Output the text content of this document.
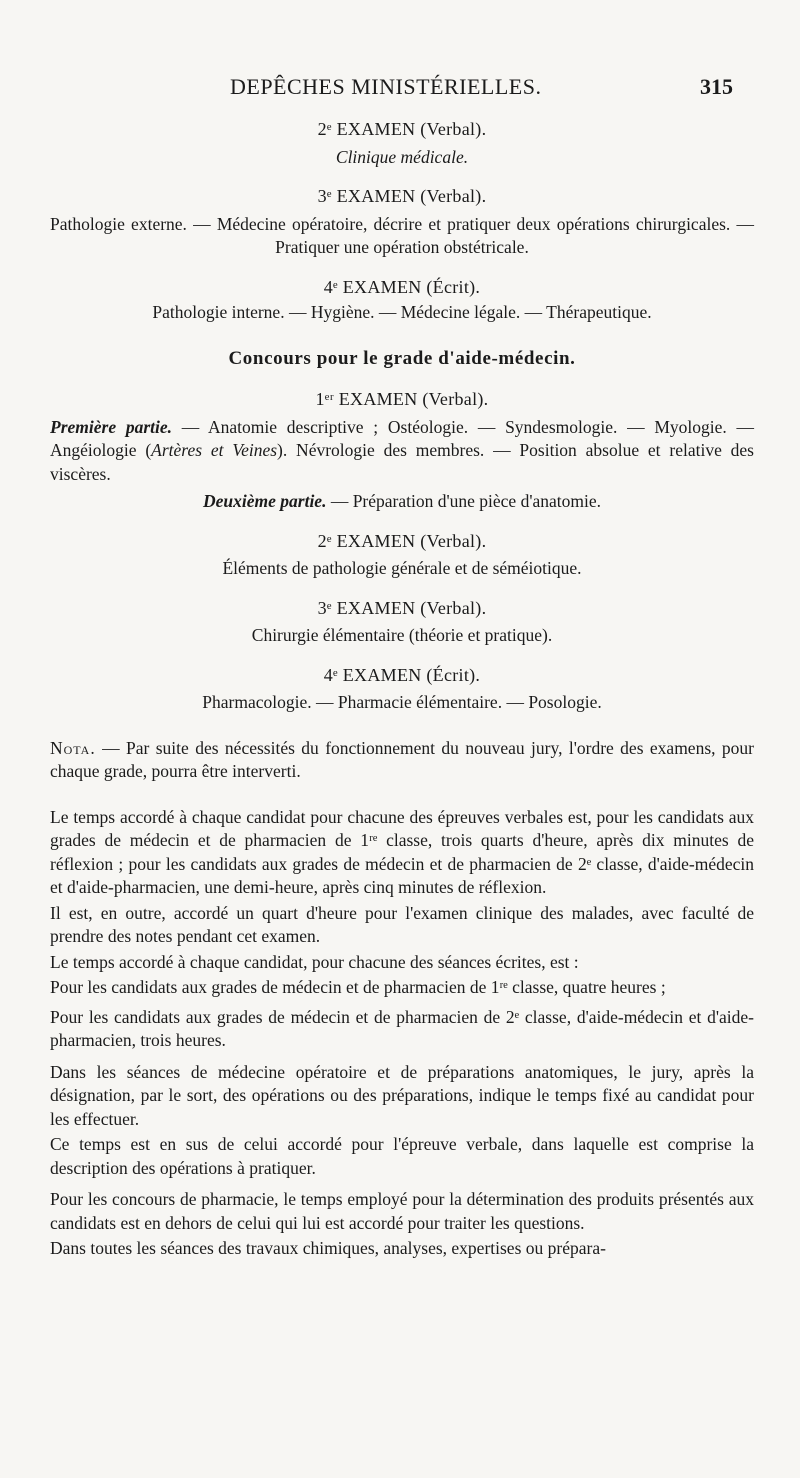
DEPÊCHES MINISTÉRIELLES.	315
2ᵉ EXAMEN (Verbal).
Clinique médicale.
3ᵉ EXAMEN (Verbal).

Pathologie externe. — Médecine opératoire, décrire et pratiquer deux opérations chirurgicales. — Pratiquer une opération obstétricale.

4ᵉ EXAMEN (Écrit).

Pathologie interne. — Hygiène. — Médecine légale. — Thérapeutique.

Concours pour le grade d'aide-médecin.
1ᵉʳ EXAMEN (Verbal).

Première partie. — Anatomie descriptive ; Ostéologie. — Syndesmologie. — Myologie. — Angéiologie (Artères et Veines). Névrologie des membres. — Position absolue et relative des viscères.

Deuxième partie. — Préparation d'une pièce d'anatomie.

2ᵉ EXAMEN (Verbal).

Éléments de pathologie générale et de séméiotique.

3ᵉ EXAMEN (Verbal).

Chirurgie élémentaire (théorie et pratique).

4ᵉ EXAMEN (Écrit).

Pharmacologie. — Pharmacie élémentaire. — Posologie.

Nota. — Par suite des nécessités du fonctionnement du nouveau jury, l'ordre des examens, pour chaque grade, pourra être interverti.

Le temps accordé à chaque candidat pour chacune des épreuves verbales est, pour les candidats aux grades de médecin et de pharmacien de 1ʳᵉ classe, trois quarts d'heure, après dix minutes de réflexion ; pour les candidats aux grades de médecin et de pharmacien de 2ᵉ classe, d'aide-médecin et d'aide-pharmacien, une demi-heure, après cinq minutes de réflexion.

Il est, en outre, accordé un quart d'heure pour l'examen clinique des malades, avec faculté de prendre des notes pendant cet examen.

Le temps accordé à chaque candidat, pour chacune des séances écrites, est :

Pour les candidats aux grades de médecin et de pharmacien de 1ʳᵉ classe, quatre heures ;

Pour les candidats aux grades de médecin et de pharmacien de 2ᵉ classe, d'aide-médecin et d'aide-pharmacien, trois heures.

Dans les séances de médecine opératoire et de préparations anatomiques, le jury, après la désignation, par le sort, des opérations ou des préparations, indique le temps fixé au candidat pour les effectuer.

Ce temps est en sus de celui accordé pour l'épreuve verbale, dans laquelle est comprise la description des opérations à pratiquer.

Pour les concours de pharmacie, le temps employé pour la détermination des produits présentés aux candidats est en dehors de celui qui lui est accordé pour traiter les questions.

Dans toutes les séances des travaux chimiques, analyses, expertises ou prépara-
